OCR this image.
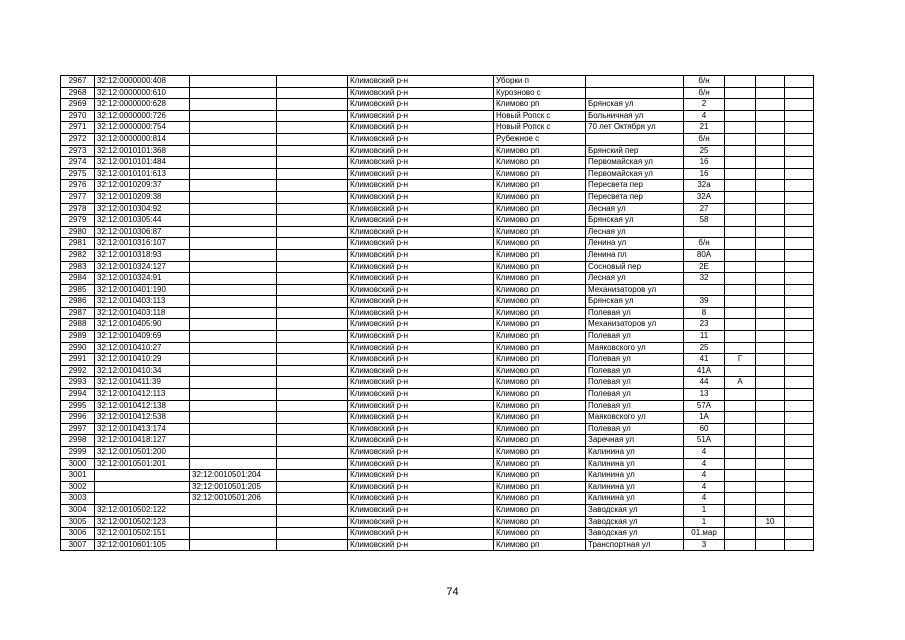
2967	32:12:0000000:408			Климовский р-н	Уборки п		б/н			
2968	32:12:0000000:610			Климовский р-н	Курозново с		б/н			
2969	32:12:0000000:628			Климовский р-н	Климово рп	Брянская ул	2			
2970	32:12:0000000:726			Климовский р-н	Новый Ропск с	Больничная ул	4			
2971	32:12:0000000:754			Климовский р-н	Новый Ропск с	70 лет Октября ул	21			
2972	32:12:0000000:814			Климовский р-н	Рубежное с		б/н			
2973	32:12:0010101:368			Климовский р-н	Климово рп	Брянский пер	25			
2974	32:12:0010101:484			Климовский р-н	Климово рп	Первомайская ул	16			
2975	32:12:0010101:613			Климовский р-н	Климово рп	Первомайская ул	16			
2976	32:12:0010209:37			Климовский р-н	Климово рп	Пересвета пер	32а			
2977	32:12:0010209:38			Климовский р-н	Климово рп	Пересвета пер	32А			
2978	32:12:0010304:92			Климовский р-н	Климово рп	Лесная ул	27			
2979	32:12:0010305:44			Климовский р-н	Климово рп	Брянская ул	58			
2980	32:12:0010306:87			Климовский р-н	Климово рп	Лесная ул				
2981	32:12:0010316:107			Климовский р-н	Климово рп	Ленина ул	б/н			
2982	32:12:0010318:93			Климовский р-н	Климово рп	Ленина пл	80А			
2983	32:12:0010324:127			Климовский р-н	Климово рп	Сосновый пер	2Е			
2984	32:12:0010324:91			Климовский р-н	Климово рп	Лесная ул	32			
2985	32:12:0010401:190			Климовский р-н	Климово рп	Механизаторов ул				
2986	32:12:0010403:113			Климовский р-н	Климово рп	Брянская ул	39			
2987	32:12:0010403:118			Климовский р-н	Климово рп	Полевая ул	8			
2988	32:12:0010405:90			Климовский р-н	Климово рп	Механизаторов ул	23			
2989	32:12:0010409:69			Климовский р-н	Климово рп	Полевая ул	11			
2990	32:12:0010410:27			Климовский р-н	Климово рп	Маяковского ул	25			
2991	32:12:0010410:29			Климовский р-н	Климово рп	Полевая ул	41	Г		
2992	32:12:0010410:34			Климовский р-н	Климово рп	Полевая ул	41А			
2993	32:12:0010411:39			Климовский р-н	Климово рп	Полевая ул	44	А		
2994	32:12:0010412:113			Климовский р-н	Климово рп	Полевая ул	13			
2995	32:12:0010412:138			Климовский р-н	Климово рп	Полевая ул	57А			
2996	32:12:0010412:538			Климовский р-н	Климово рп	Маяковского ул	1А			
2997	32:12:0010413:174			Климовский р-н	Климово рп	Полевая ул	60			
2998	32:12:0010418:127			Климовский р-н	Климово рп	Заречная ул	51А			
2999	32:12:0010501:200			Климовский р-н	Климово рп	Калинина ул	4			
3000	32:12:0010501:201			Климовский р-н	Климово рп	Калинина ул	4			
3001		32:12:0010501:204		Климовский р-н	Климово рп	Калинина ул	4			
3002		32:12:0010501:205		Климовский р-н	Климово рп	Калинина ул	4			
3003		32:12:0010501:206		Климовский р-н	Климово рп	Калинина ул	4			
3004	32:12:0010502:122			Климовский р-н	Климово рп	Заводская ул	1			
3005	32:12:0010502:123			Климовский р-н	Климово рп	Заводская ул	1		10	
3006	32:12:0010502:151			Климовский р-н	Климово рп	Заводская ул	01.мар			
3007	32:12:0010601:105			Климовский р-н	Климово рп	Транспортная ул	3			
74
